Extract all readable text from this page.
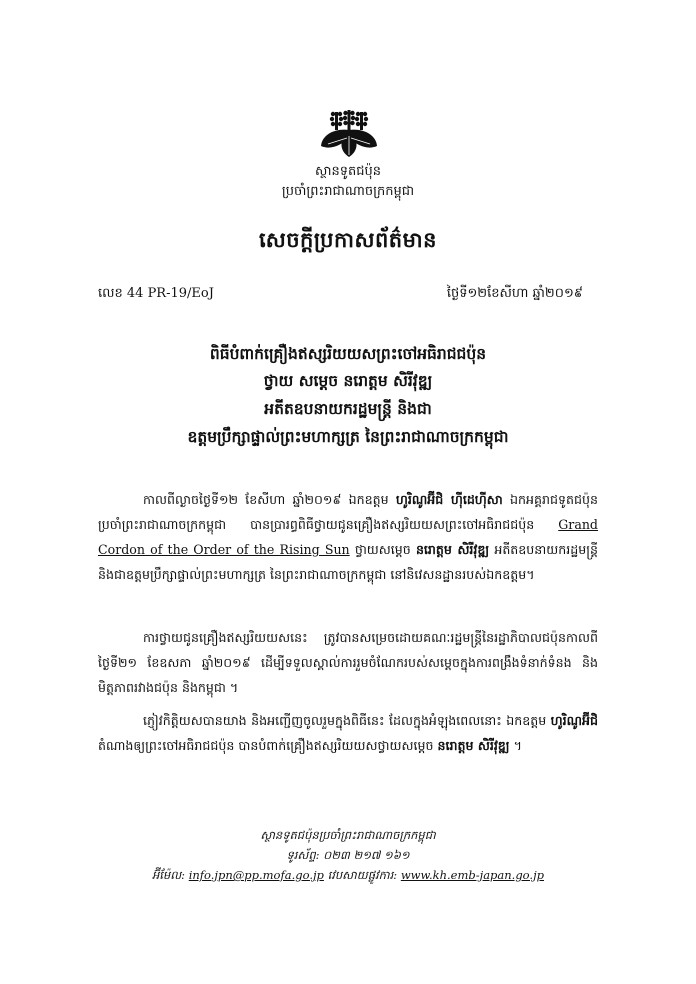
ស្ថានទូតជប៉ុន
ប្រចាំព្រះរាជាណាចក្រកម្ពុជា
សេចក្តីប្រកាសព័ត៌មាន
លេខ 44 PR-19/EoJ	ថ្ងៃទី១២ខែសីហា ឆ្នាំ២០១៩
ពិធីបំពាក់គ្រឿងឥស្សរិយយសព្រះចៅអធិរាជជប៉ុន
ថ្វាយ សម្តេច នរោត្តម សិរីវុឌ្ឍ
អតីតឧបនាយករដ្ឋមន្ត្រី និងជា
ឧត្តមប្រឹក្សាផ្ទាល់ព្រះមហាក្សត្រ នៃព្រះរាជាណាចក្រកម្ពុជា
កាលពីល្ងាចថ្ងៃទី១២ ខែសីហា ឆ្នាំ២០១៩ ឯកឧត្តម ហូរិណូអ៊ីជិ ហ៊ីដេហ៊ីសា ឯកអគ្គរាជទូតជប៉ុនប្រចាំព្រះរាជាណាចក្រកម្ពុជា បានប្រារព្ធពិធីថ្វាយជូនគ្រឿងឥស្សរិយយសព្រះចៅអធិរាជជប៉ុន Grand Cordon of the Order of the Rising Sun ថ្វាយសម្តេច នរោត្តម សិរីវុឌ្ឍ អតីតឧបនាយករដ្ឋមន្ត្រី និងជាឧត្តមប្រឹក្សាផ្ទាល់ព្រះមហាក្សត្រ នៃព្រះរាជាណាចក្រកម្ពុជា នៅនិវេសនដ្ឋានរបស់ឯកឧត្តម។
ការថ្វាយជូនគ្រឿងឥស្សរិយយសនេះ ត្រូវបានសម្រេចដោយគណៈរដ្ឋមន្ត្រីនៃរដ្ឋាភិបាលជប៉ុនកាលពីថ្ងៃទី២១ ខែឧសភា ឆ្នាំ២០១៩ ដើម្បីទទួលស្គាល់ការរួមចំណែករបស់សម្តេចក្នុងការពង្រឹងទំនាក់ទំនង និងមិត្តភាពរវាងជប៉ុន និងកម្ពុជា ។
ភ្ញៀវកិត្តិយសបានយាង និងអញ្ជើញចូលរួមក្នុងពិធីនេះ ដែលក្នុងអំឡុងពេលនោះ ឯកឧត្តម ហូរិណូអ៊ីជិ តំណាងឲ្យព្រះចៅអធិរាជជប៉ុន បានបំពាក់គ្រឿងឥស្សរិយយសថ្វាយសម្តេច នរោត្តម សិរីវុឌ្ឍ ។
ស្ថានទូតជប៉ុនប្រចាំព្រះរាជាណាចក្រកម្ពុជា
ទូរស័ព្ទ: ០២៣ ២១៧ ១៦១
អ៊ីម៉ែល: info.jpn@pp.mofa.go.jp វេបសាយផ្លូវការ: www.kh.emb-japan.go.jp
